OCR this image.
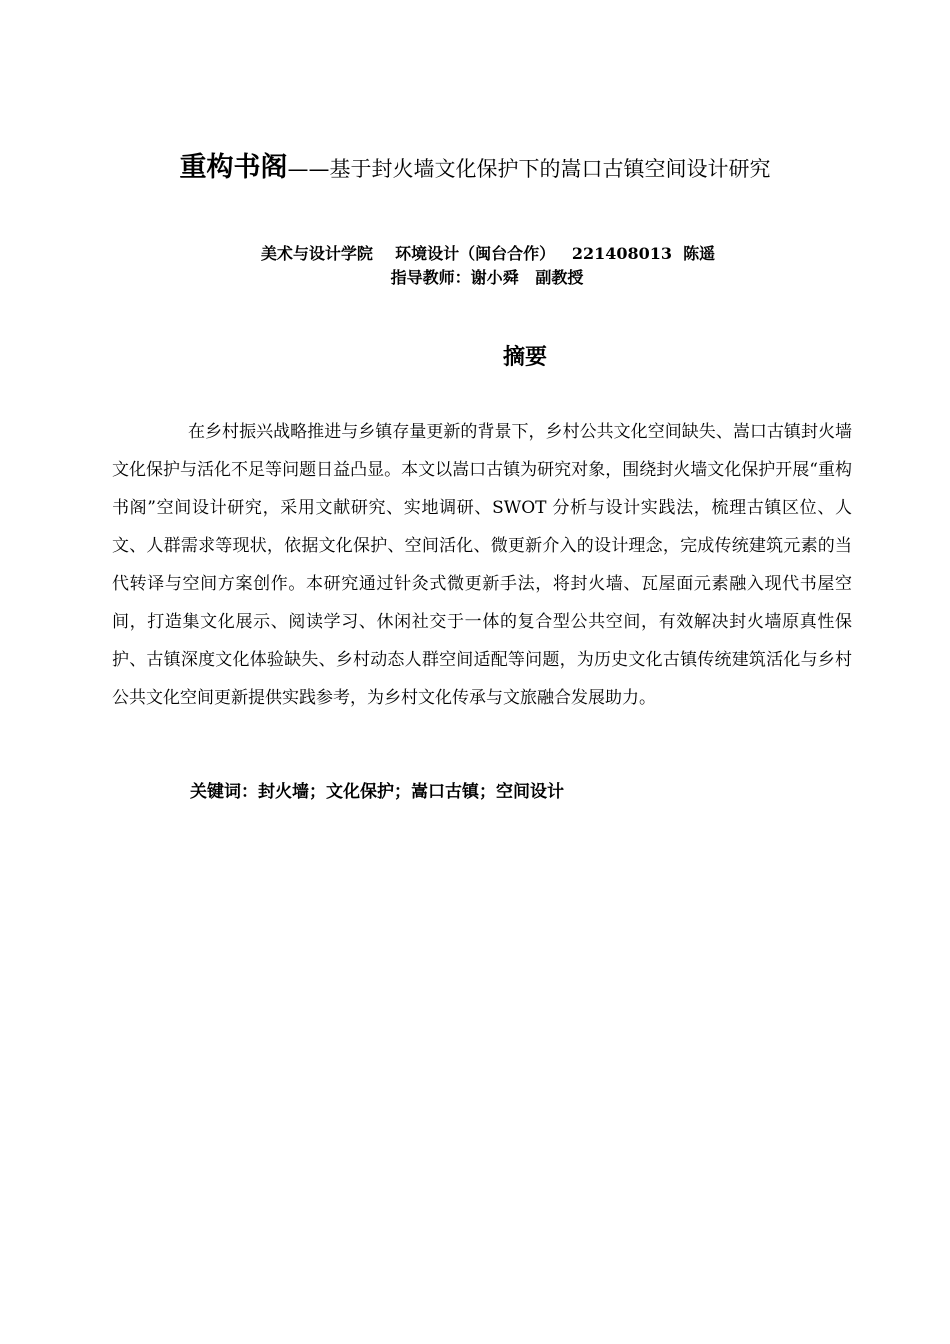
重构书阁——基于封火墙文化保护下的嵩口古镇空间设计研究
美术与设计学院    环境设计（闽台合作）   221408013  陈遥
指导教师：谢小舜   副教授
摘要

在乡村振兴战略推进与乡镇存量更新的背景下，乡村公共文化空间缺失、嵩口古镇封火墙文化保护与活化不足等问题日益凸显。本文以嵩口古镇为研究对象，围绕封火墙文化保护开展“重构书阁”空间设计研究，采用文献研究、实地调研、SWOT 分析与设计实践法，梳理古镇区位、人文、人群需求等现状，依据文化保护、空间活化、微更新介入的设计理念，完成传统建筑元素的当代转译与空间方案创作。本研究通过针灸式微更新手法，将封火墙、瓦屋面元素融入现代书屋空间，打造集文化展示、阅读学习、休闲社交于一体的复合型公共空间，有效解决封火墙原真性保护、古镇深度文化体验缺失、乡村动态人群空间适配等问题，为历史文化古镇传统建筑活化与乡村公共文化空间更新提供实践参考，为乡村文化传承与文旅融合发展助力。

关键词：封火墙；文化保护；嵩口古镇；空间设计
